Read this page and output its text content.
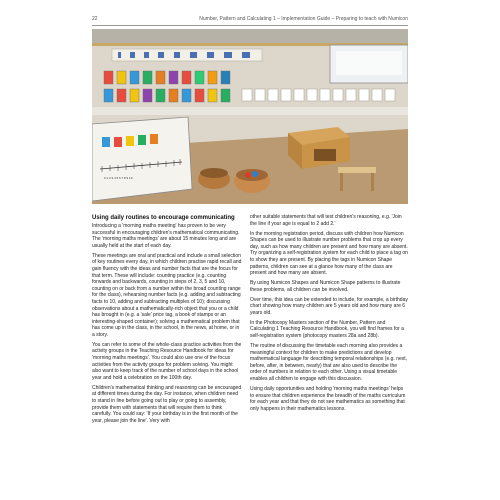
22	Number, Pattern and Calculating 1 – Implementation Guide – Preparing to teach with Numicon
0 1 2 3 4 5 6 7 8 9 10
Using daily routines to encourage communicating

Introducing a 'morning maths meeting' has proven to be very successful in encouraging children's mathematical communicating. The 'morning maths meetings' are about 15 minutes long and are usually held at the start of each day.

These meetings are oral and practical and include a small selection of key routines every day, in which children practise rapid recall and gain fluency with the ideas and number facts that are the focus for that term. These will include: counting practice (e.g. counting forwards and backwards, counting in steps of 2, 3, 5 and 10, counting on or back from a number within the broad counting range for the class), rehearsing number facts (e.g. adding and subtracting facts to 10, adding and subtracting multiples of 10); discussing observations about a mathematically-rich object that you or a child has brought in (e.g. a 'sale' price tag, a book of stamps or an interesting-shaped container); solving a mathematical problem that has come up in the class, in the school, in the news, at home, or in a story.

You can refer to some of the whole-class practice activities from the activity groups in the Teaching Resource Handbook for ideas for 'morning maths meetings'. You could also use one of the focus activities from the activity groups for problem solving. You might also want to keep track of the number of school days in the school year and hold a celebration on the 100th day.

Children's mathematical thinking and reasoning can be encouraged at different times during the day. For instance, when children need to stand in line before going out to play or going to assembly, provide them with statements that will require them to think carefully. You could say: 'If your birthday is in the first month of the year, please join the line'. Very with

other suitable statements that will test children's reasoning, e.g. 'Join the line if your age is equal to 2 add 2.'

In the morning registration period, discuss with children how Numicon Shapes can be used to illustrate number problems that crop up every day, such as how many children are present and how many are absent. Try organizing a self-registration system for each child to place a tag on to show they are present. By placing the tags in Numicon Shape patterns, children can see at a glance how many of the class are present and how many are absent.

By using Numicon Shapes and Numicon Shape patterns to illustrate these problems, all children can be involved.

Over time, this idea can be extended to include, for example, a birthday chart showing how many children are 5 years old and how many are 6 years old.

In the Photocopy Masters section of the Number, Pattern and Calculating 1 Teaching Resource Handbook, you will find frames for a self-registration system (photocopy masters 28a and 28b).

The routine of discussing the timetable each morning also provides a meaningful context for children to make predictions and develop mathematical language for describing temporal relationships (e.g. next, before, after, in between, nearly) that are also used to describe the order of numbers in relation to each other. Using a visual timetable enables all children to engage with this discussion.

Using daily opportunities and holding 'morning maths meetings' helps to ensure that children experience the breadth of the maths curriculum for each year and that they do not see mathematics as something that only happens in their mathematics lessons.
